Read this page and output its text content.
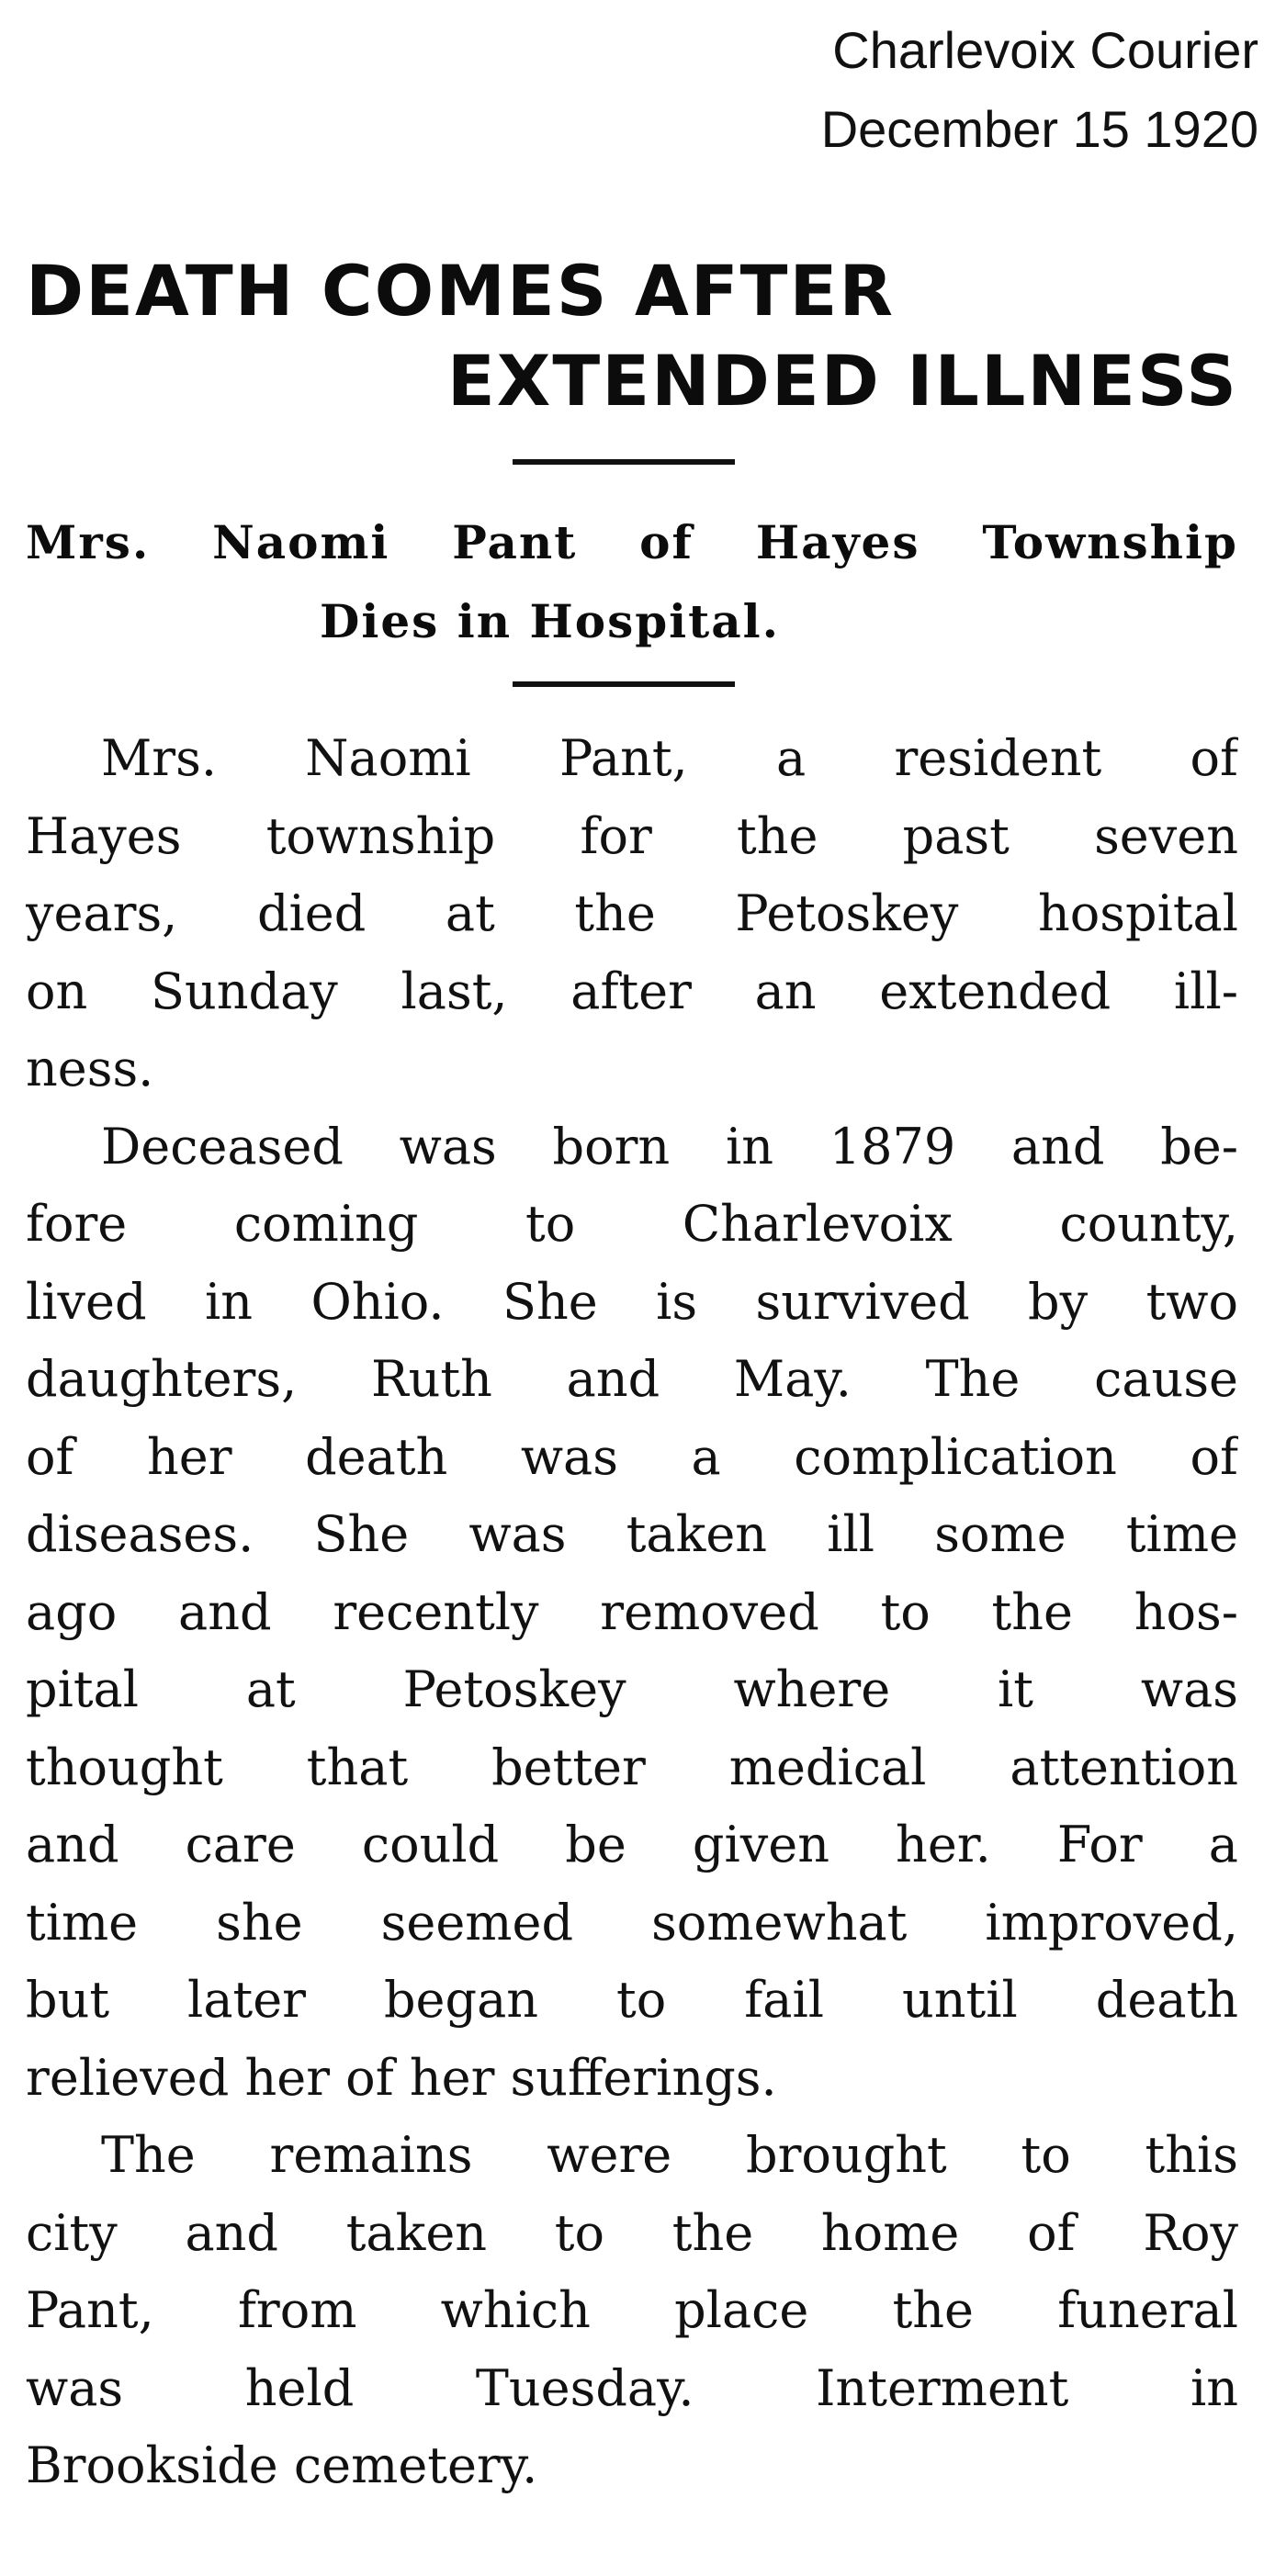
Charlevoix Courier
December 15 1920
DEATH COMES AFTER
EXTENDED ILLNESS
Mrs. Naomi Pant of Hayes Township
Dies in Hospital.
Mrs. Naomi Pant, a resident of
Hayes township for the past seven
years, died at the Petoskey hospital
on Sunday last, after an extended ill-
ness.
Deceased was born in 1879 and be-
fore coming to Charlevoix county,
lived in Ohio. She is survived by two
daughters, Ruth and May. The cause
of her death was a complication of
diseases. She was taken ill some time
ago and recently removed to the hos-
pital at Petoskey where it was
thought that better medical attention
and care could be given her. For a
time she seemed somewhat improved,
but later began to fail until death
relieved her of her sufferings.
The remains were brought to this
city and taken to the home of Roy
Pant, from which place the funeral
was held Tuesday. Interment in
Brookside cemetery.
